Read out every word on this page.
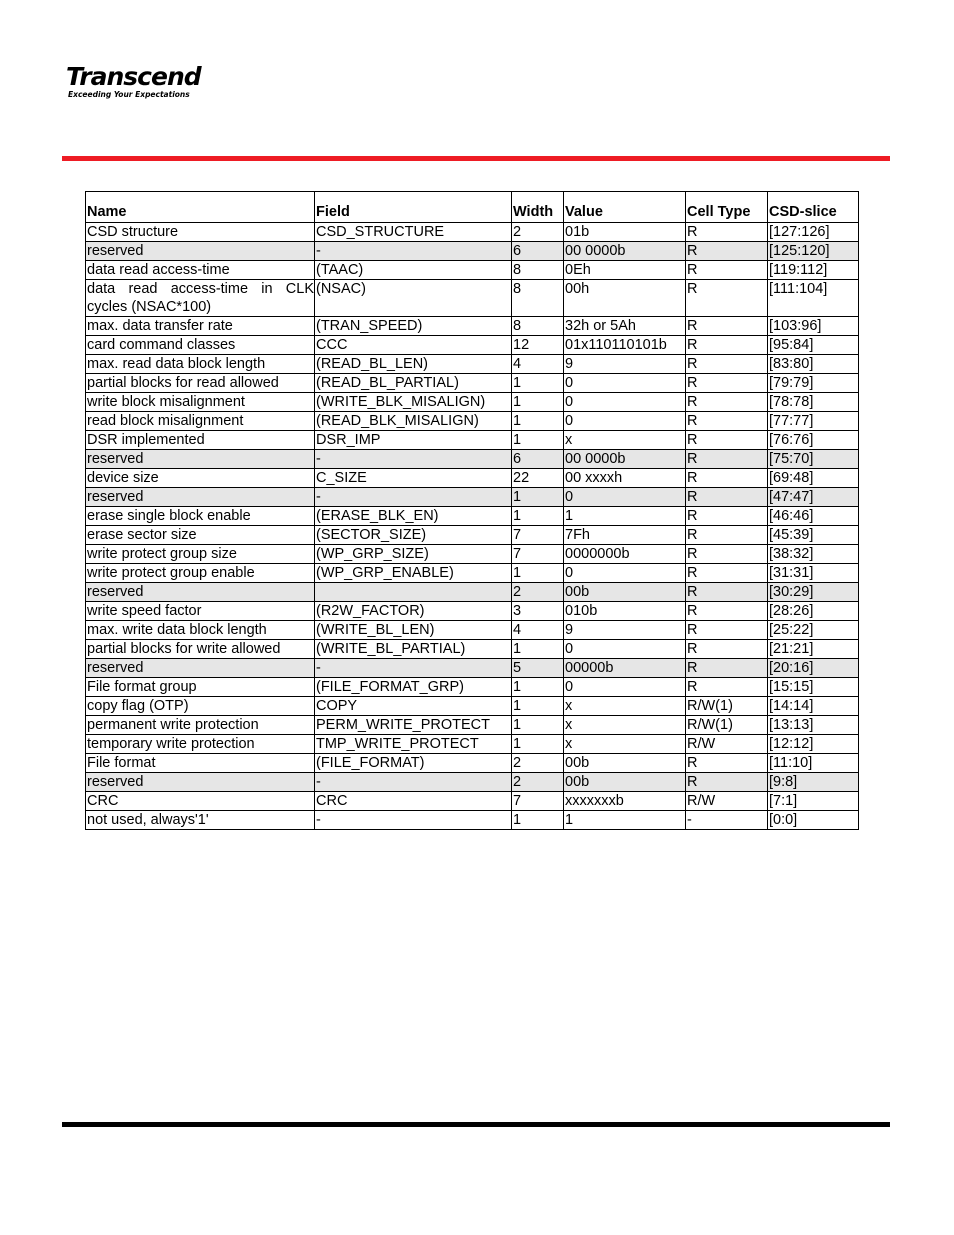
Transcend
Exceeding Your Expectations
Name	Field	Width	Value	Cell Type	CSD-slice
CSD structure	CSD_STRUCTURE	2	01b	R	[127:126]
reserved	-	6	00 0000b	R	[125:120]
data read access-time	(TAAC)	8	0Eh	R	[119:112]

data read access-time in CLK cycles (NSAC*100)	(NSAC)	8	00h	R	[111:104]
max. data transfer rate	(TRAN_SPEED)	8	32h or 5Ah	R	[103:96]
card command classes	CCC	12	01x110110101b	R	[95:84]
max. read data block length	(READ_BL_LEN)	4	9	R	[83:80]
partial blocks for read allowed	(READ_BL_PARTIAL)	1	0	R	[79:79]
write block misalignment	(WRITE_BLK_MISALIGN)	1	0	R	[78:78]
read block misalignment	(READ_BLK_MISALIGN)	1	0	R	[77:77]
DSR implemented	DSR_IMP	1	x	R	[76:76]
reserved	-	6	00 0000b	R	[75:70]
device size	C_SIZE	22	00 xxxxh	R	[69:48]
reserved	-	1	0	R	[47:47]
erase single block enable	(ERASE_BLK_EN)	1	1	R	[46:46]
erase sector size	(SECTOR_SIZE)	7	7Fh	R	[45:39]
write protect group size	(WP_GRP_SIZE)	7	0000000b	R	[38:32]
write protect group enable	(WP_GRP_ENABLE)	1	0	R	[31:31]
reserved		2	00b	R	[30:29]
write speed factor	(R2W_FACTOR)	3	010b	R	[28:26]
max. write data block length	(WRITE_BL_LEN)	4	9	R	[25:22]
partial blocks for write allowed	(WRITE_BL_PARTIAL)	1	0	R	[21:21]
reserved	-	5	00000b	R	[20:16]
File format group	(FILE_FORMAT_GRP)	1	0	R	[15:15]
copy flag (OTP)	COPY	1	x	R/W(1)	[14:14]
permanent write protection	PERM_WRITE_PROTECT	1	x	R/W(1)	[13:13]
temporary write protection	TMP_WRITE_PROTECT	1	x	R/W	[12:12]
File format	(FILE_FORMAT)	2	00b	R	[11:10]
reserved	-	2	00b	R	[9:8]
CRC	CRC	7	xxxxxxxb	R/W	[7:1]
not used, always'1'	-	1	1	-	[0:0]
